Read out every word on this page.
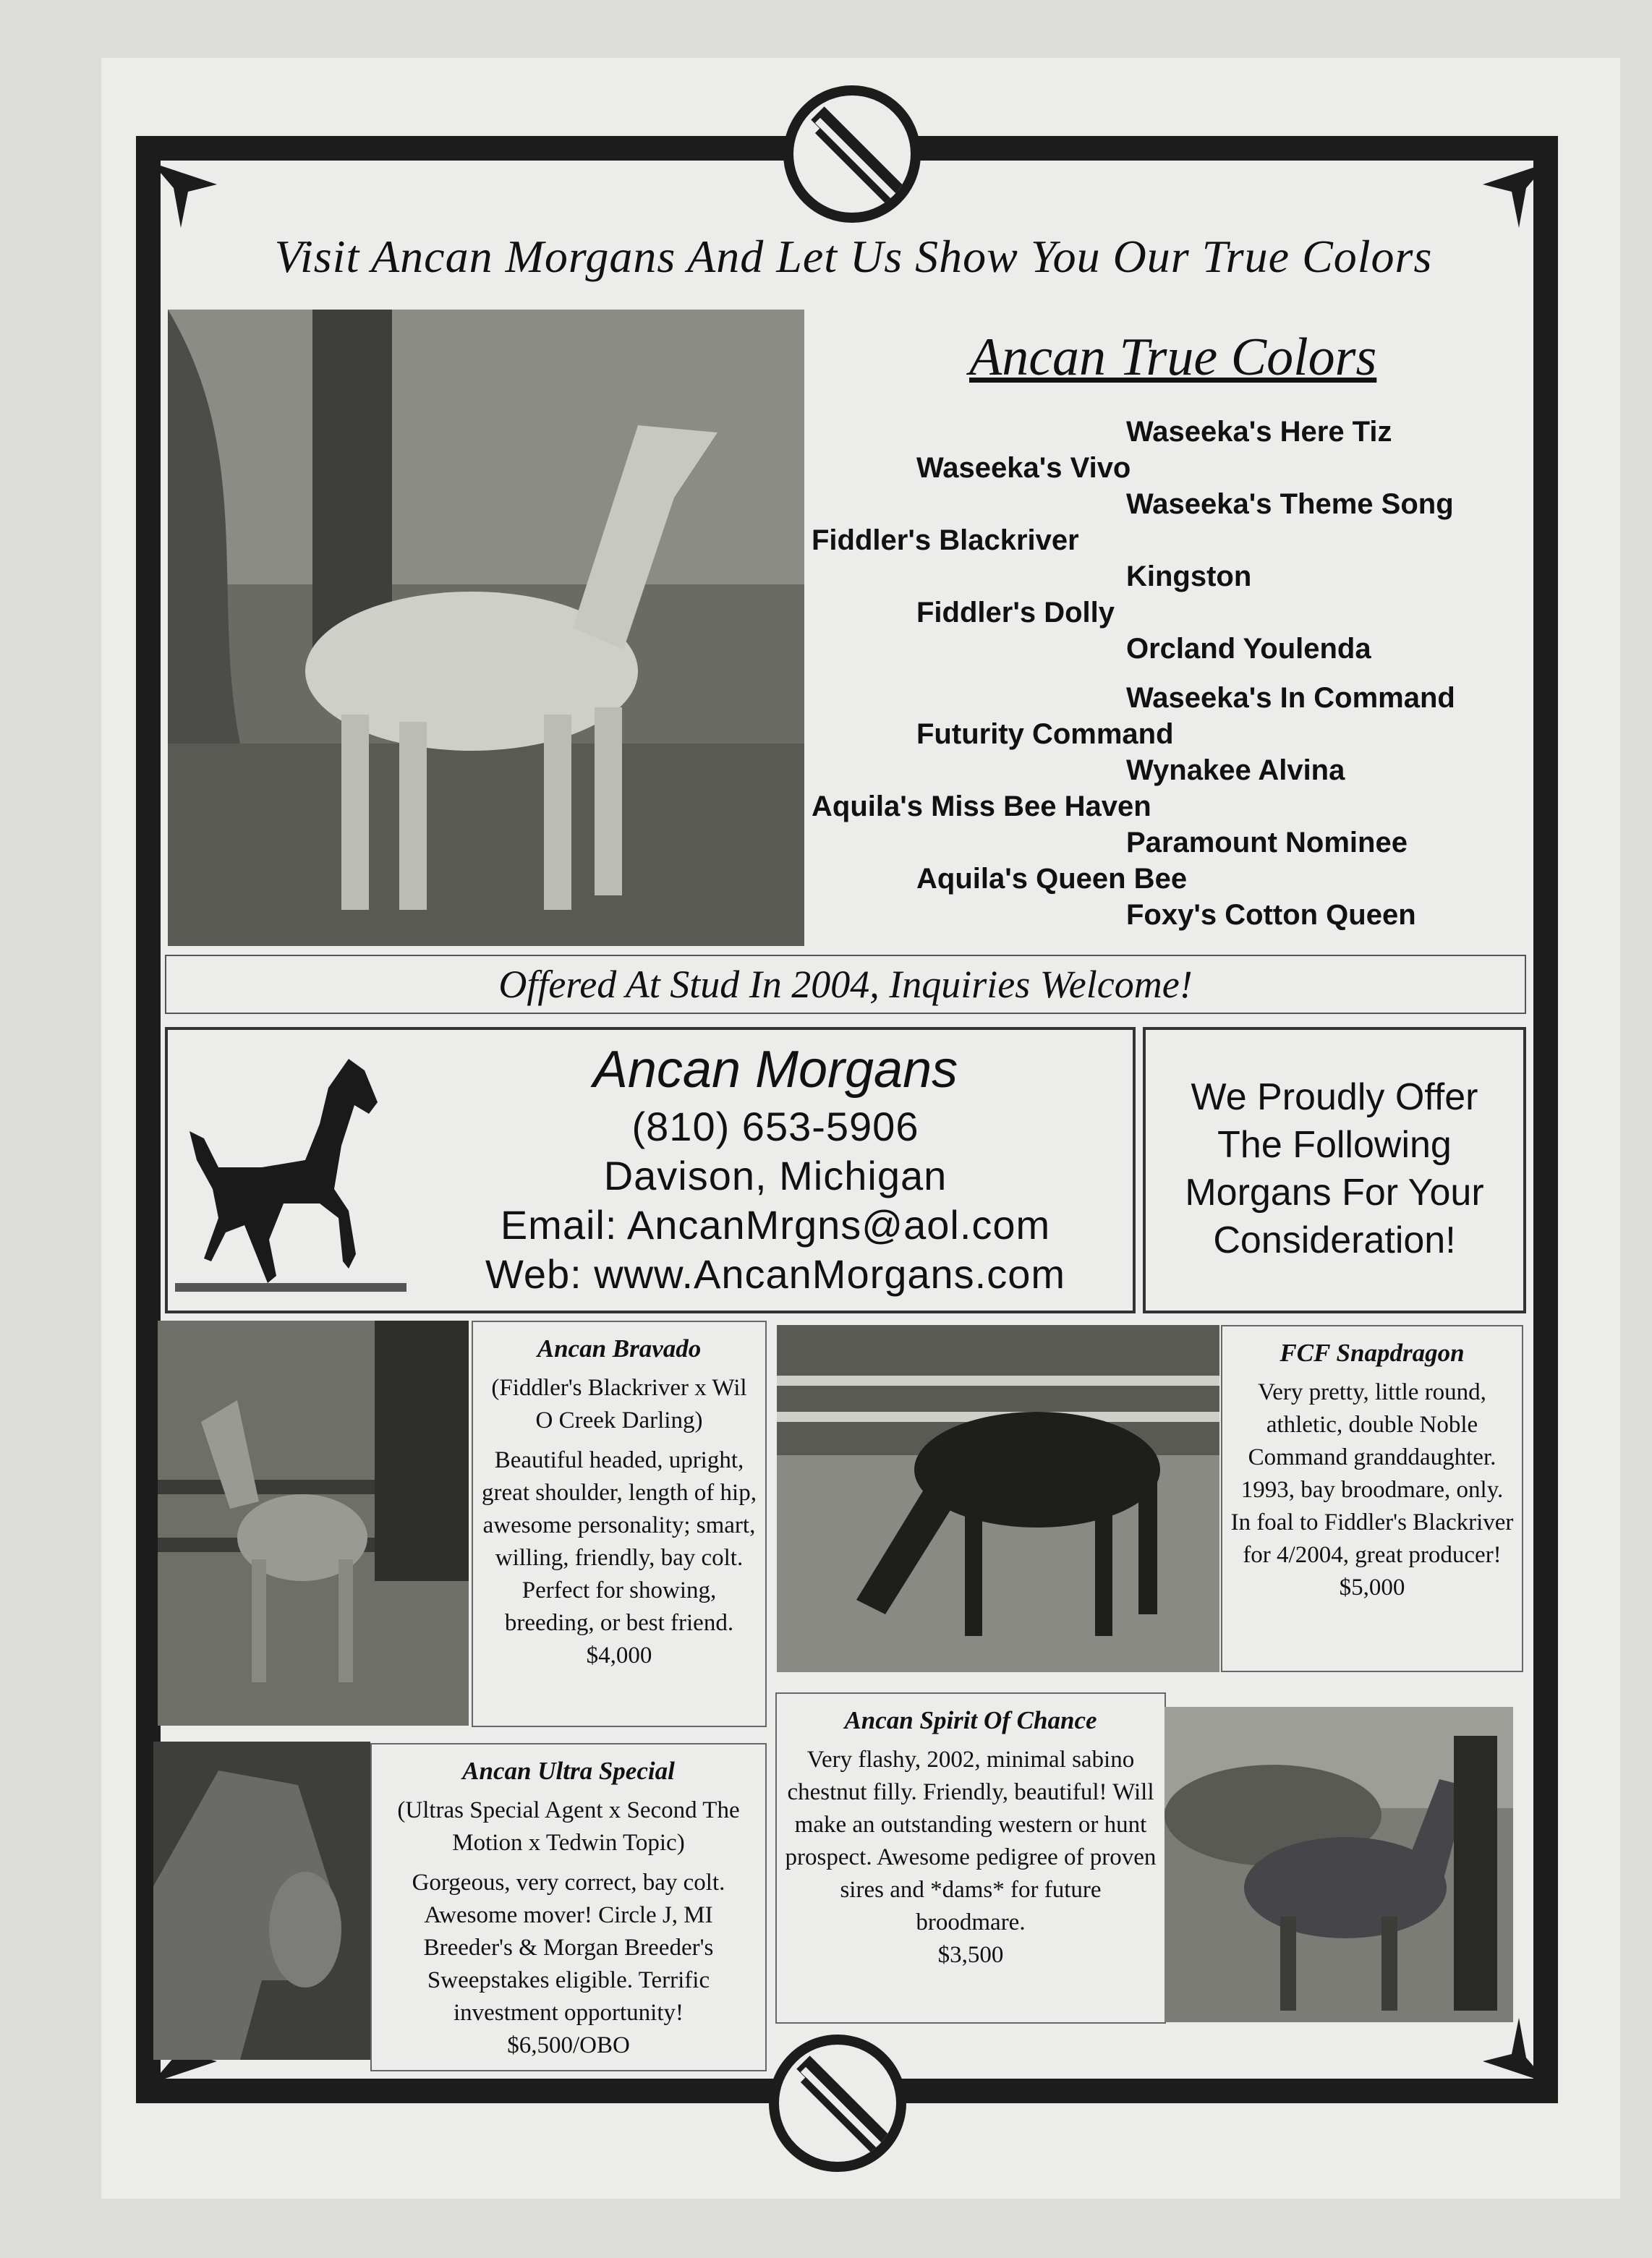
Visit Ancan Morgans And Let Us Show You Our True Colors
Ancan True Colors
Waseeka's Here Tiz
Waseeka's Vivo
Waseeka's Theme Song
Fiddler's Blackriver
Kingston
Fiddler's Dolly
Orcland Youlenda
Waseeka's In Command
Futurity Command
Wynakee Alvina
Aquila's Miss Bee Haven
Paramount Nominee
Aquila's Queen Bee
Foxy's Cotton Queen
Offered At Stud In 2004, Inquiries Welcome!
Ancan Morgans
(810) 653-5906
Davison, Michigan
Email: AncanMrgns@aol.com
Web: www.AncanMorgans.com
We Proudly Offer
The Following
Morgans For Your
Consideration!
Ancan Bravado
(Fiddler's Blackriver x Wil O Creek Darling)
Beautiful headed, upright, great shoulder, length of hip, awesome personality; smart, willing, friendly, bay colt. Perfect for showing, breeding, or best friend.
$4,000
FCF Snapdragon
Very pretty, little round, athletic, double Noble Command granddaughter. 1993, bay broodmare, only. In foal to Fiddler's Blackriver for 4/2004, great producer!
$5,000
Ancan Spirit Of Chance
Very flashy, 2002, minimal sabino chestnut filly. Friendly, beautiful! Will make an outstanding western or hunt prospect. Awesome pedigree of proven sires and *dams* for future broodmare.
$3,500
Ancan Ultra Special
(Ultras Special Agent x Second The Motion x Tedwin Topic)
Gorgeous, very correct, bay colt. Awesome mover! Circle J, MI Breeder's & Morgan Breeder's Sweepstakes eligible. Terrific investment opportunity!
$6,500/OBO
